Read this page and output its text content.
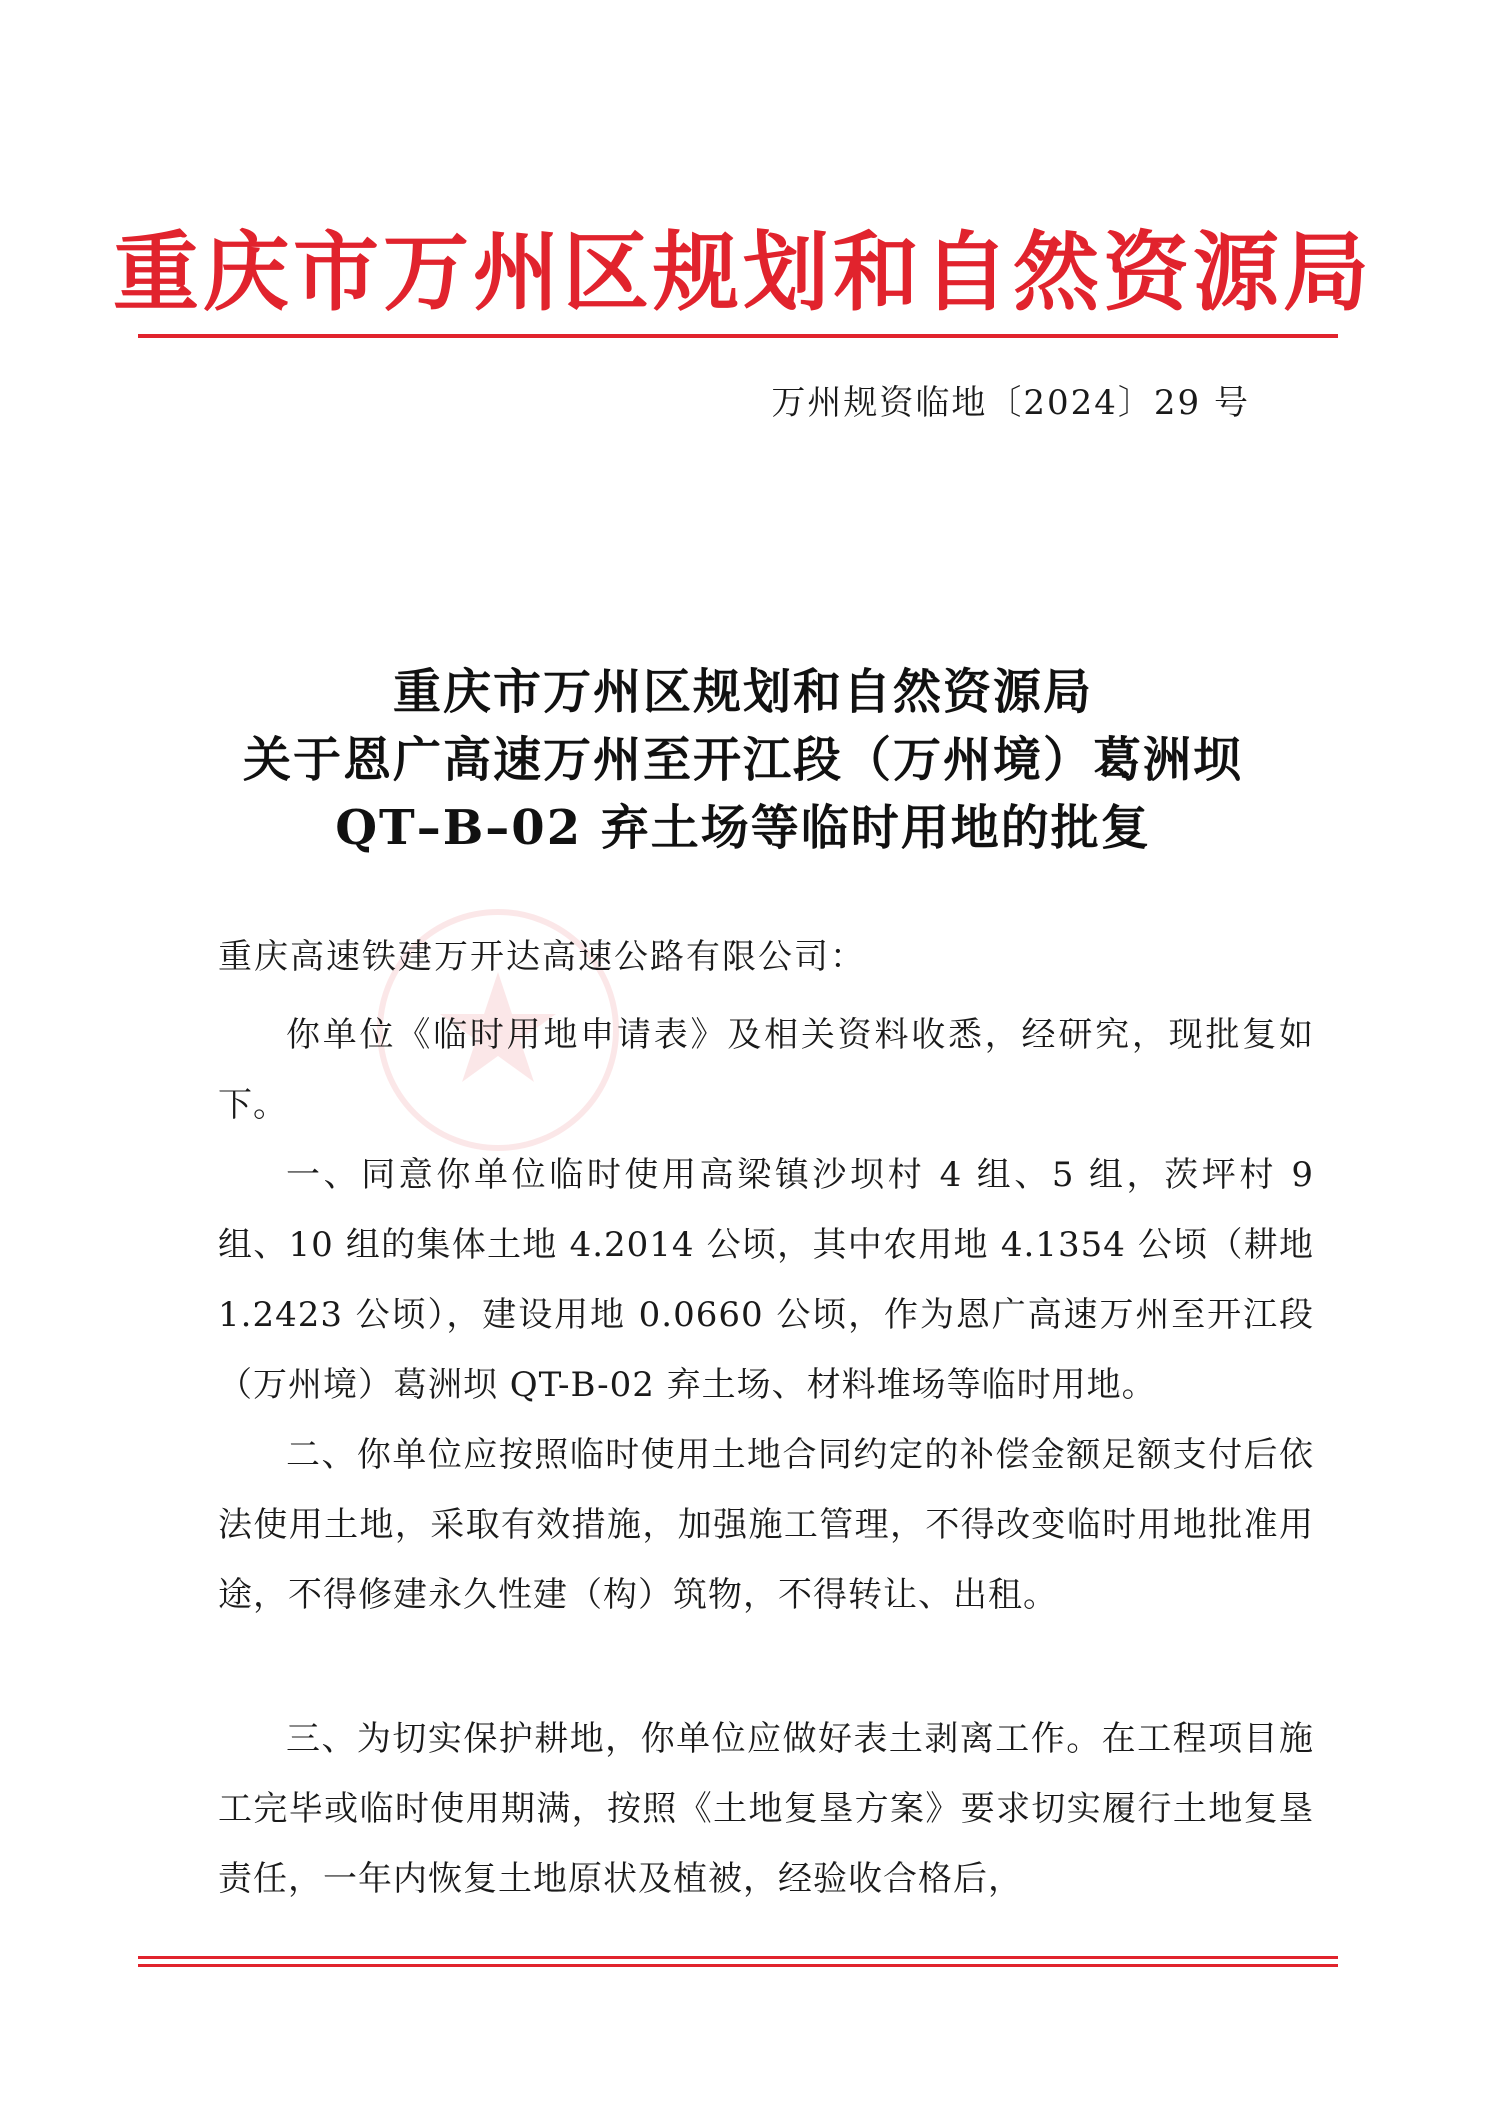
重庆市万州区规划和自然资源局
万州规资临地〔2024〕29 号
重庆市万州区规划和自然资源局
关于恩广高速万州至开江段（万州境）葛洲坝
QT–B–02 弃土场等临时用地的批复
重庆高速铁建万开达高速公路有限公司：

你单位《临时用地申请表》及相关资料收悉，经研究，现批复如下。

一、同意你单位临时使用高梁镇沙坝村 4 组、5 组，茨坪村 9 组、10 组的集体土地 4.2014 公顷，其中农用地 4.1354 公顷（耕地 1.2423 公顷），建设用地 0.0660 公顷，作为恩广高速万州至开江段（万州境）葛洲坝 QT-B-02 弃土场、材料堆场等临时用地。

二、你单位应按照临时使用土地合同约定的补偿金额足额支付后依法使用土地，采取有效措施，加强施工管理，不得改变临时用地批准用途，不得修建永久性建（构）筑物，不得转让、出租。

三、为切实保护耕地，你单位应做好表土剥离工作。在工程项目施工完毕或临时使用期满，按照《土地复垦方案》要求切实履行土地复垦责任，一年内恢复土地原状及植被，经验收合格后，
